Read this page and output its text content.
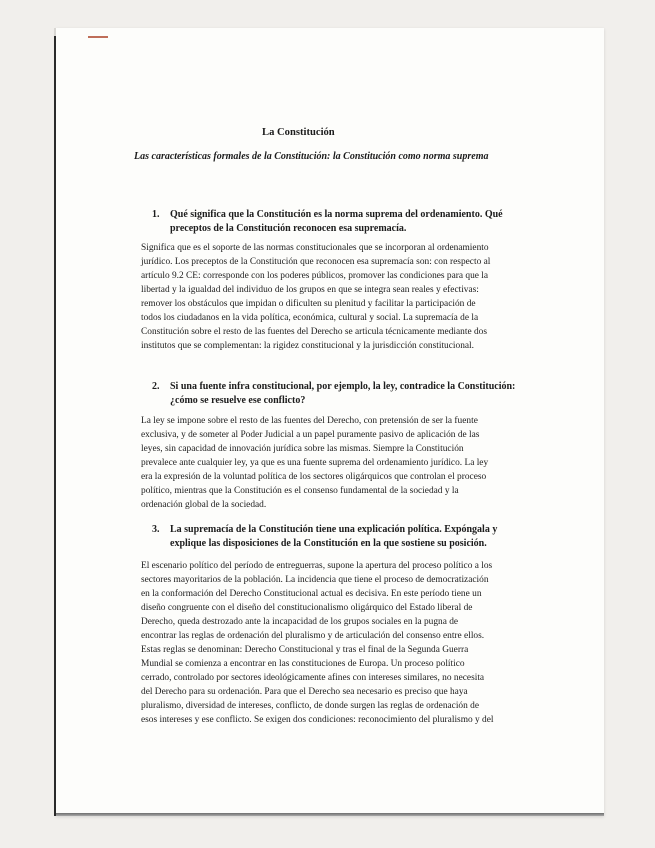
La Constitución
Las características formales de la Constitución: la Constitución como norma suprema
1. Qué significa que la Constitución es la norma suprema del ordenamiento. Qué
preceptos de la Constitución reconocen esa supremacía.
Significa que es el soporte de las normas constitucionales que se incorporan al ordenamiento
jurídico. Los preceptos de la Constitución que reconocen esa supremacía son: con respecto al
artículo 9.2 CE: corresponde con los poderes públicos, promover las condiciones para que la
libertad y la igualdad del individuo de los grupos en que se integra sean reales y efectivas:
remover los obstáculos que impidan o dificulten su plenitud y facilitar la participación de
todos los ciudadanos en la vida política, económica, cultural y social. La supremacía de la
Constitución sobre el resto de las fuentes del Derecho se articula técnicamente mediante dos
institutos que se complementan: la rigidez constitucional y la jurisdicción constitucional.
2. Si una fuente infra constitucional, por ejemplo, la ley, contradice la Constitución:
¿cómo se resuelve ese conflicto?
La ley se impone sobre el resto de las fuentes del Derecho, con pretensión de ser la fuente
exclusiva, y de someter al Poder Judicial a un papel puramente pasivo de aplicación de las
leyes, sin capacidad de innovación jurídica sobre las mismas. Siempre la Constitución
prevalece ante cualquier ley, ya que es una fuente suprema del ordenamiento jurídico. La ley
era la expresión de la voluntad política de los sectores oligárquicos que controlan el proceso
político, mientras que la Constitución es el consenso fundamental de la sociedad y la
ordenación global de la sociedad.
3. La supremacía de la Constitución tiene una explicación política. Expóngala y
explique las disposiciones de la Constitución en la que sostiene su posición.
El escenario político del período de entreguerras, supone la apertura del proceso político a los
sectores mayoritarios de la población. La incidencia que tiene el proceso de democratización
en la conformación del Derecho Constitucional actual es decisiva. En este período tiene un
diseño congruente con el diseño del constitucionalismo oligárquico del Estado liberal de
Derecho, queda destrozado ante la incapacidad de los grupos sociales en la pugna de
encontrar las reglas de ordenación del pluralismo y de articulación del consenso entre ellos.
Estas reglas se denominan: Derecho Constitucional y tras el final de la Segunda Guerra
Mundial se comienza a encontrar en las constituciones de Europa. Un proceso político
cerrado, controlado por sectores ideológicamente afines con intereses similares, no necesita
del Derecho para su ordenación. Para que el Derecho sea necesario es preciso que haya
pluralismo, diversidad de intereses, conflicto, de donde surgen las reglas de ordenación de
esos intereses y ese conflicto. Se exigen dos condiciones: reconocimiento del pluralismo y del
